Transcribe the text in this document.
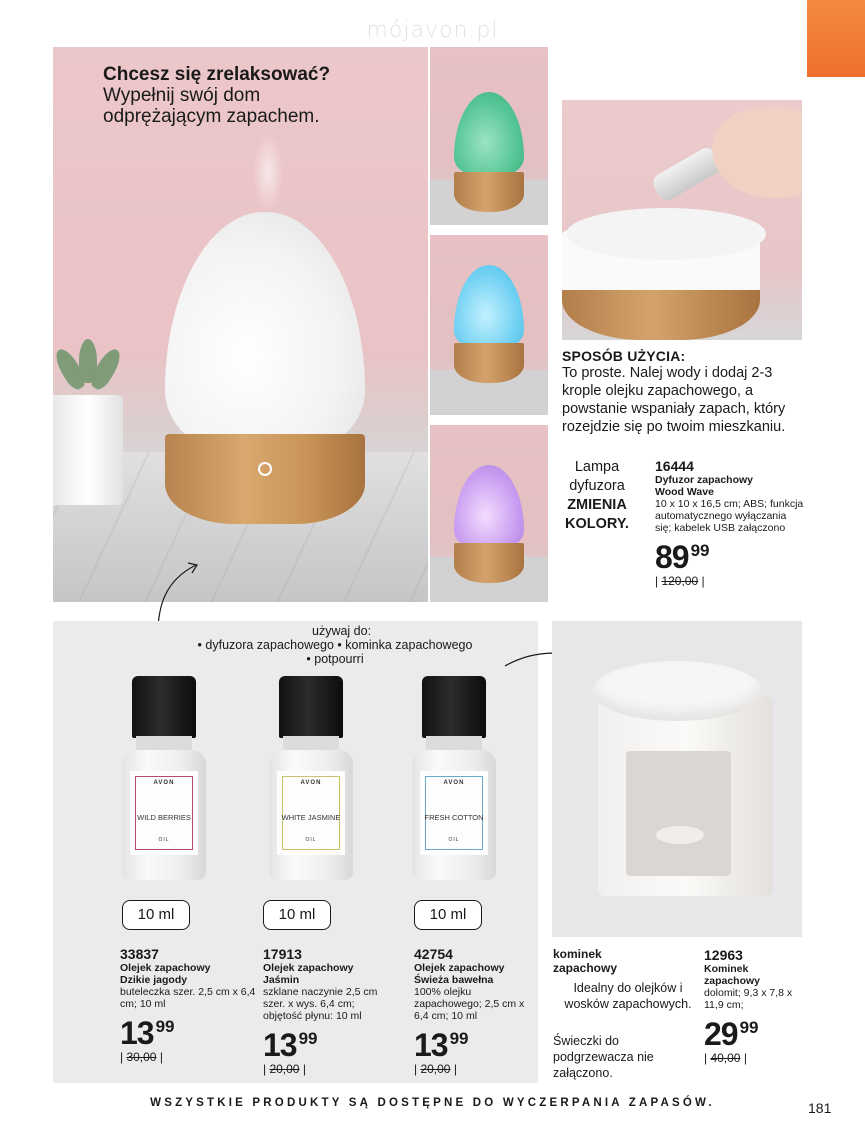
mójavon.pl
Chcesz się zrelaksować?
Wypełnij swój dom
odprężającym zapachem.
SPOSÓB UŻYCIA:
To proste. Nalej wody i dodaj 2-3 krople olejku zapachowego, a powstanie wspaniały zapach, który rozejdzie się po twoim mieszkaniu.
Lampa
dyfuzora
ZMIENIA
KOLORY.
16444
Dyfuzor zapachowy
Wood Wave
10 x 10 x 16,5 cm; ABS; funkcja automatycznego wyłączania się; kabelek USB załączono
89 $^{99}$
| 120,00 |
używaj do:
• dyfuzora zapachowego • kominka zapachowego
• potpourri
AVON
WILD BERRIES
OIL
AVON
WHITE JASMINE
OIL
AVON
FRESH COTTON
OIL
10 ml	10 ml	10 ml
33837
Olejek zapachowy
Dzikie jagody
buteleczka szer. 2,5 cm x 6,4 cm; 10 ml
13 $^{99}$
| 30,00 |
17913
Olejek zapachowy
Jaśmin
szklane naczynie 2,5 cm szer. x wys. 6,4 cm; objętość płynu: 10 ml
13 $^{99}$
| 20,00 |
42754
Olejek zapachowy
Świeża bawełna
100% olejku zapachowego; 2,5 cm x 6,4 cm; 10 ml
13 $^{99}$
| 20,00 |
kominek
zapachowy
Idealny do olejków i wosków zapachowych.
Świeczki do podgrzewacza nie załączono.
12963
Kominek
zapachowy
dolomit; 9,3 x 7,8 x 11,9 cm;
29 $^{99}$
| 40,00 |
WSZYSTKIE PRODUKTY SĄ DOSTĘPNE DO WYCZERPANIA ZAPASÓW.	181
